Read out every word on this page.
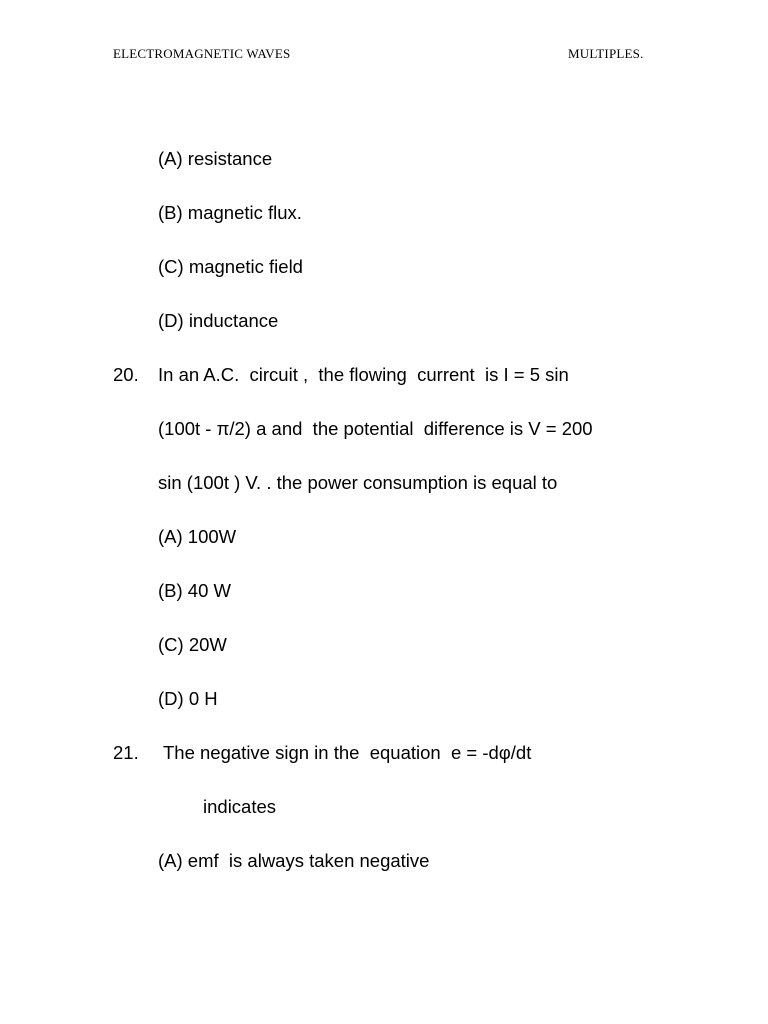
ELECTROMAGNETIC WAVES	MULTIPLES.
(A) resistance
(B) magnetic flux.
(C) magnetic field
(D) inductance
20. In an A.C.  circuit ,  the flowing  current  is I = 5 sin
(100t - π/2) a and  the potential  difference is V = 200
sin (100t ) V. . the power consumption is equal to
(A) 100W
(B) 40 W
(C) 20W
(D) 0 H
21. The negative sign in the  equation  e = -dφ/dt
indicates
(A) emf  is always taken negative
